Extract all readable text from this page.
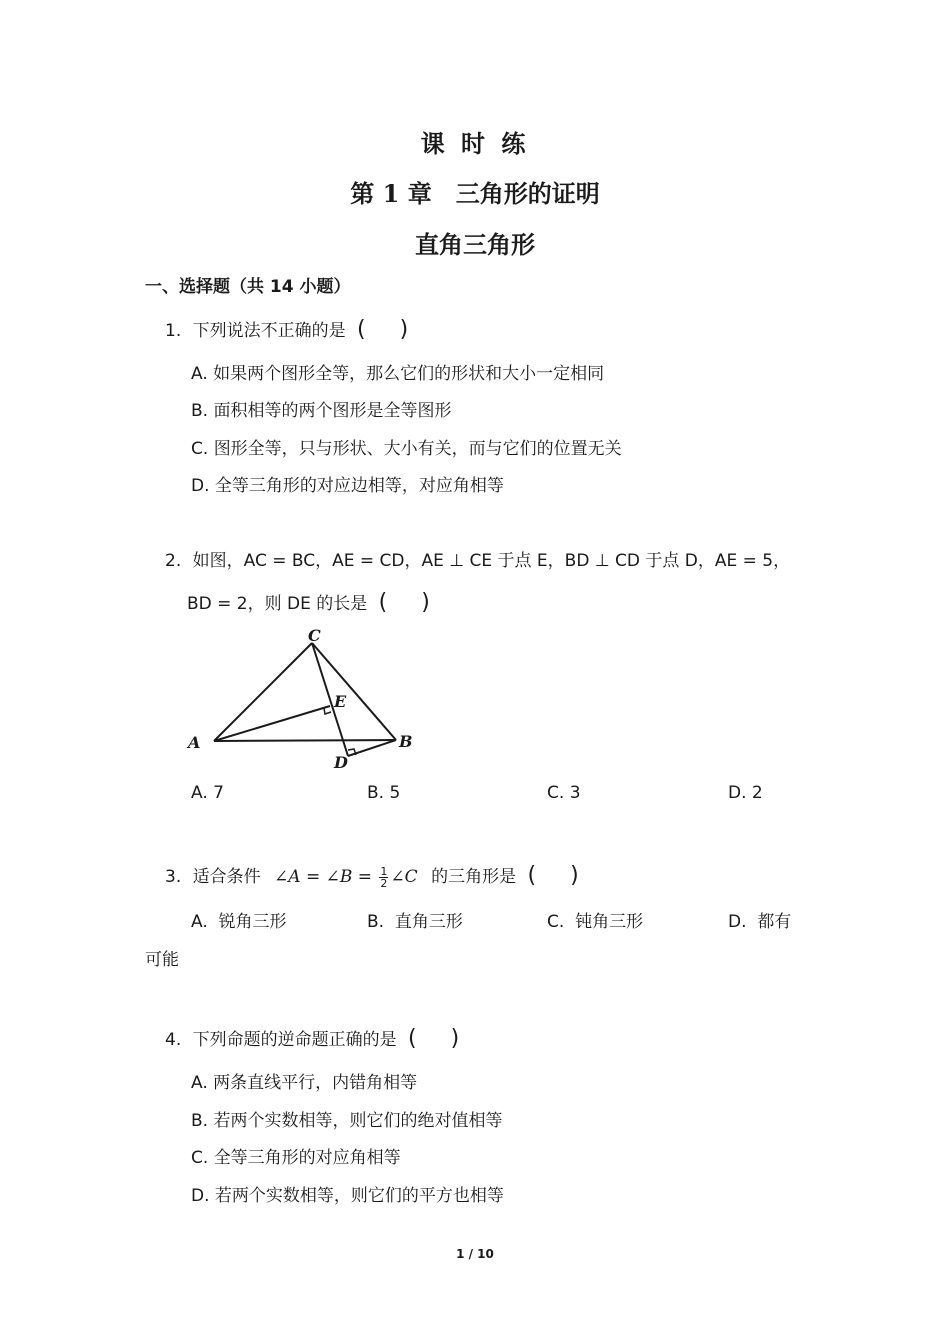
课 时 练
第 1 章　三角形的证明
直角三角形
一、选择题（共 14 小题）
1. 下列说法不正确的是 ( )
A. 如果两个图形全等，那么它们的形状和大小一定相同
B. 面积相等的两个图形是全等图形
C. 图形全等，只与形状、大小有关，而与它们的位置无关
D. 全等三角形的对应边相等，对应角相等
2. 如图，AC = BC，AE = CD，AE ⊥ CE 于点 E，BD ⊥ CD 于点 D，AE = 5，
BD = 2，则 DE 的长是 ( )
C
E
A	B
D
A. 7	B. 5	C. 3	D. 2
3. 适合条件 ∠A = ∠B = $\frac{1}{2}$ ∠C 的三角形是 ( )
A. 锐角三形	B. 直角三形	C. 钝角三形	D. 都有
可能
4. 下列命题的逆命题正确的是 ( )
A. 两条直线平行，内错角相等
B. 若两个实数相等，则它们的绝对值相等
C. 全等三角形的对应角相等
D. 若两个实数相等，则它们的平方也相等
1 / 10
